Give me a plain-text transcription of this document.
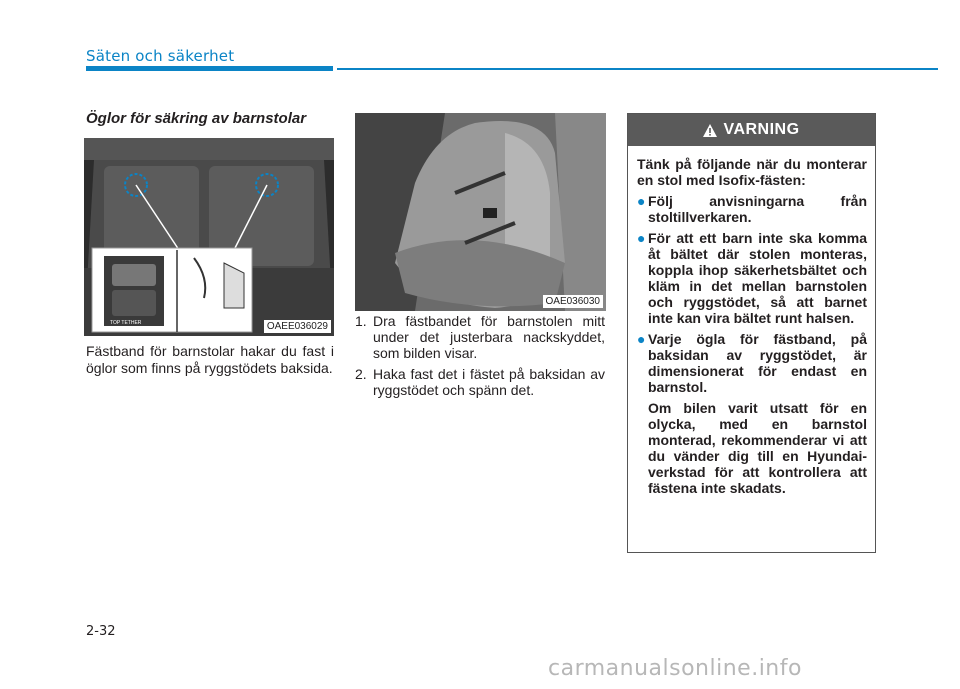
Säten och säkerhet
Öglor för säkring av barnstolar
TOP TETHER	OAEE036029
Fästband för barnstolar hakar du fast i öglor som finns på ryggstödets baksida.
OAE036030
1. Dra fästbandet för barnstolen mitt under det justerbara nackskyddet, som bilden visar.
2. Haka fast det i fästet på baksidan av ryggstödet och spänn det.
VARNING

Tänk på följande när du monterar en stol med Isofix-fästen:

● Följ anvisningarna från stoltillverkaren.
● För att ett barn inte ska komma åt bältet där stolen monteras, koppla ihop säkerhetsbältet och kläm in det mellan barnstolen och ryggstödet, så att barnet inte kan vira bältet runt halsen.
● Varje ögla för fästband, på baksidan av ryggstödet, är dimensionerat för endast en barnstol.
Om bilen varit utsatt för en olycka, med en barnstol monterad, rekommenderar vi att du vänder dig till en Hyundai-verkstad för att kontrollera att fästena inte skadats.
2-32
carmanualsonline.info
